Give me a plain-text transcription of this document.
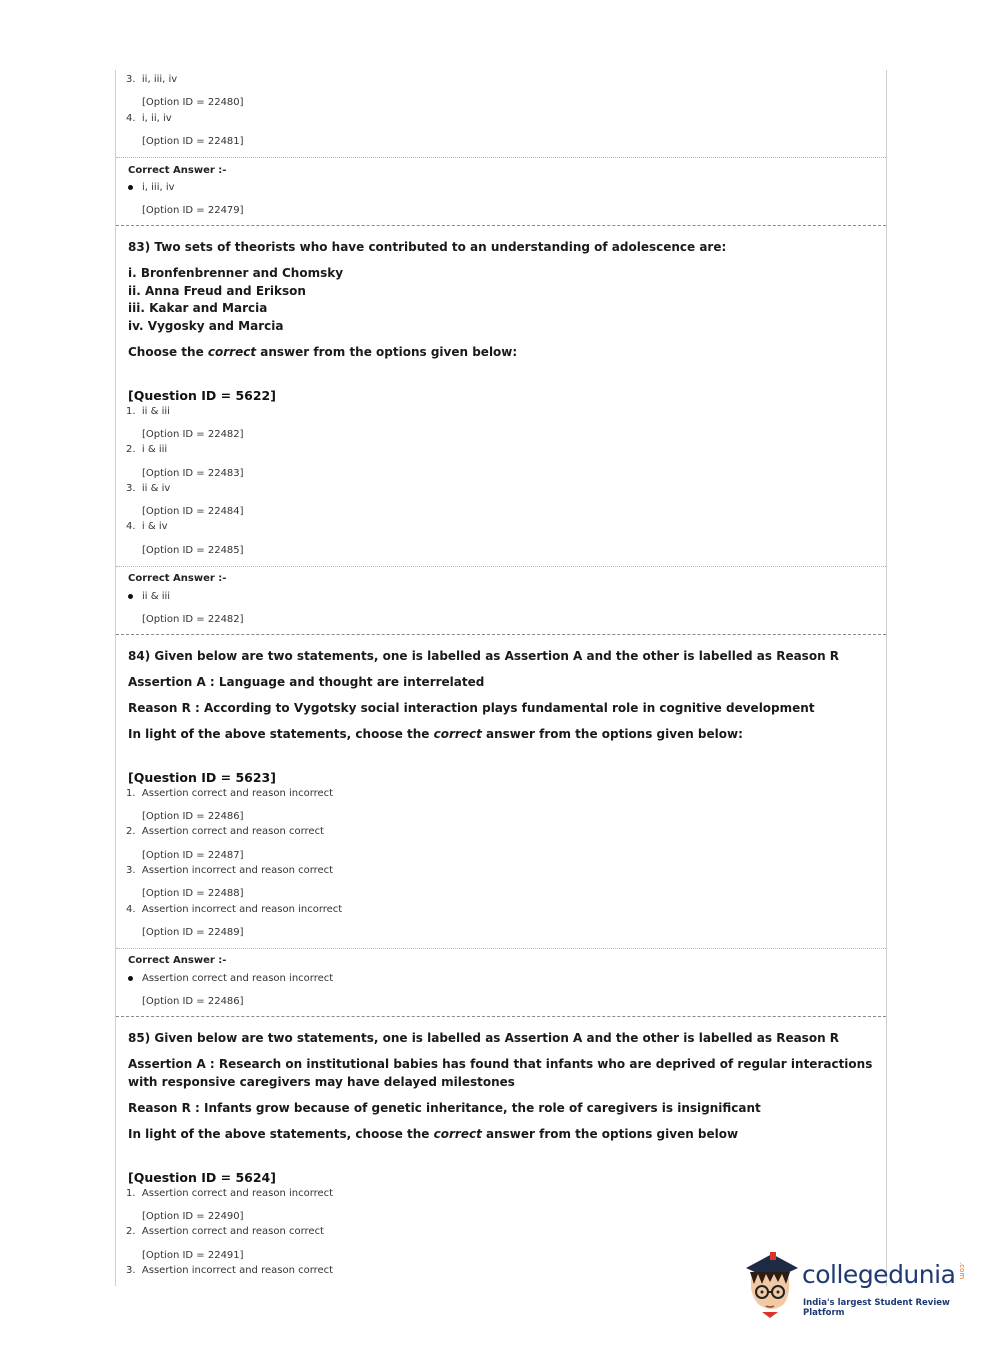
3. ii, iii, iv
[Option ID = 22480]
4. i, ii, iv
[Option ID = 22481]
Correct Answer :-
i, iii, iv
[Option ID = 22479]
83) Two sets of theorists who have contributed to an understanding of adolescence are:
i. Bronfenbrenner and Chomsky
ii. Anna Freud and Erikson
iii. Kakar and Marcia
iv. Vygosky and Marcia
Choose the correct answer from the options given below:
[Question ID = 5622]
1. ii & iii
[Option ID = 22482]
2. i & iii
[Option ID = 22483]
3. ii & iv
[Option ID = 22484]
4. i & iv
[Option ID = 22485]
Correct Answer :-
ii & iii
[Option ID = 22482]
84) Given below are two statements, one is labelled as Assertion A and the other is labelled as Reason R
Assertion A : Language and thought are interrelated
Reason R : According to Vygotsky social interaction plays fundamental role in cognitive development
In light of the above statements, choose the correct answer from the options given below:
[Question ID = 5623]
1. Assertion correct and reason incorrect
[Option ID = 22486]
2. Assertion correct and reason correct
[Option ID = 22487]
3. Assertion incorrect and reason correct
[Option ID = 22488]
4. Assertion incorrect and reason incorrect
[Option ID = 22489]
Correct Answer :-
Assertion correct and reason incorrect
[Option ID = 22486]
85) Given below are two statements, one is labelled as Assertion A and the other is labelled as Reason R
Assertion A : Research on institutional babies has found that infants who are deprived of regular interactions with responsive caregivers may have delayed milestones
Reason R : Infants grow because of genetic inheritance, the role of caregivers is insignificant
In light of the above statements, choose the correct answer from the options given below
[Question ID = 5624]
1. Assertion correct and reason incorrect
[Option ID = 22490]
2. Assertion correct and reason correct
[Option ID = 22491]
3. Assertion incorrect and reason correct	collegedunia .com
India's largest Student Review Platform
